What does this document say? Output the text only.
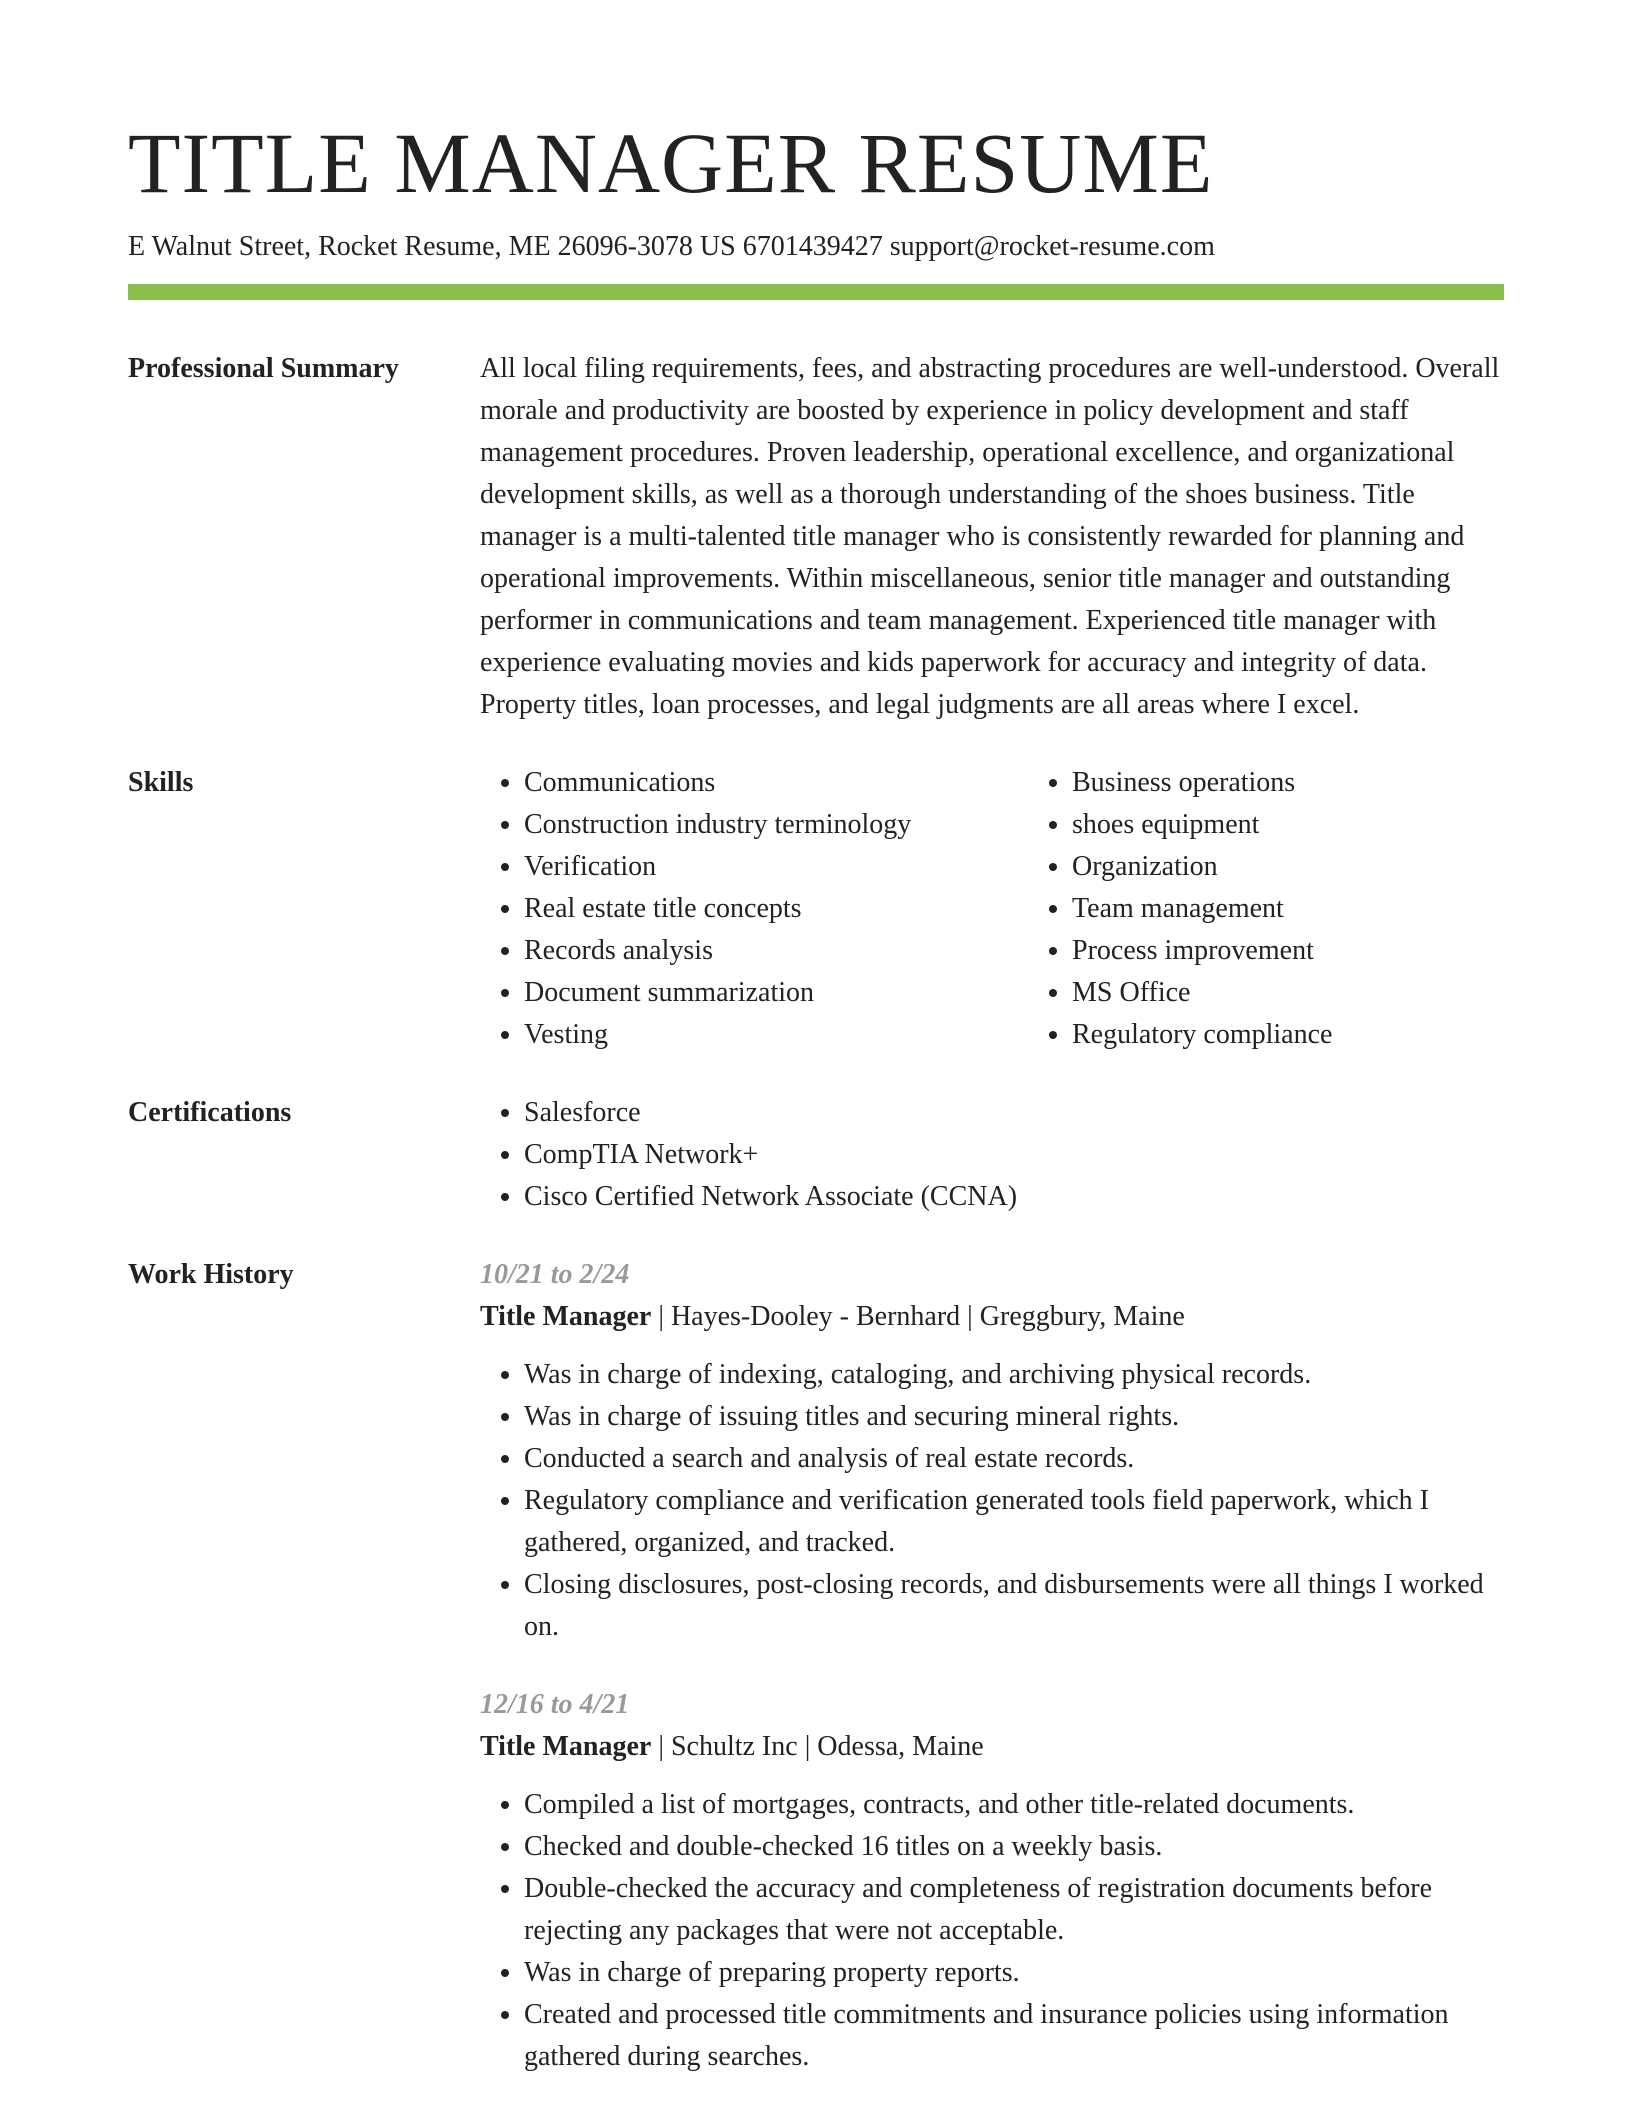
TITLE MANAGER RESUME
E Walnut Street, Rocket Resume, ME 26096-3078 US 6701439427 support@rocket-resume.com
Professional Summary	All local filing requirements, fees, and abstracting procedures are well-understood. Overall morale and productivity are boosted by experience in policy development and staff management procedures. Proven leadership, operational excellence, and organizational development skills, as well as a thorough understanding of the shoes business. Title manager is a multi-talented title manager who is consistently rewarded for planning and operational improvements. Within miscellaneous, senior title manager and outstanding performer in communications and team management. Experienced title manager with experience evaluating movies and kids paperwork for accuracy and integrity of data. Property titles, loan processes, and legal judgments are all areas where I excel.

Skills	• Communications
• Construction industry terminology
• Verification
• Real estate title concepts
• Records analysis
• Document summarization
• Vesting
• Business operations
• shoes equipment
• Organization
• Team management
• Process improvement
• MS Office
• Regulatory compliance
Certifications	• Salesforce
• CompTIA Network+
• Cisco Certified Network Associate (CCNA)
Work History	10/21 to 2/24
Title Manager | Hayes-Dooley - Bernhard | Greggbury, Maine
• Was in charge of indexing, cataloging, and archiving physical records.
• Was in charge of issuing titles and securing mineral rights.
• Conducted a search and analysis of real estate records.
• Regulatory compliance and verification generated tools field paperwork, which I gathered, organized, and tracked.
• Closing disclosures, post-closing records, and disbursements were all things I worked on.
12/16 to 4/21
Title Manager | Schultz Inc | Odessa, Maine
• Compiled a list of mortgages, contracts, and other title-related documents.
• Checked and double-checked 16 titles on a weekly basis.
• Double-checked the accuracy and completeness of registration documents before rejecting any packages that were not acceptable.
• Was in charge of preparing property reports.
• Created and processed title commitments and insurance policies using information gathered during searches.
